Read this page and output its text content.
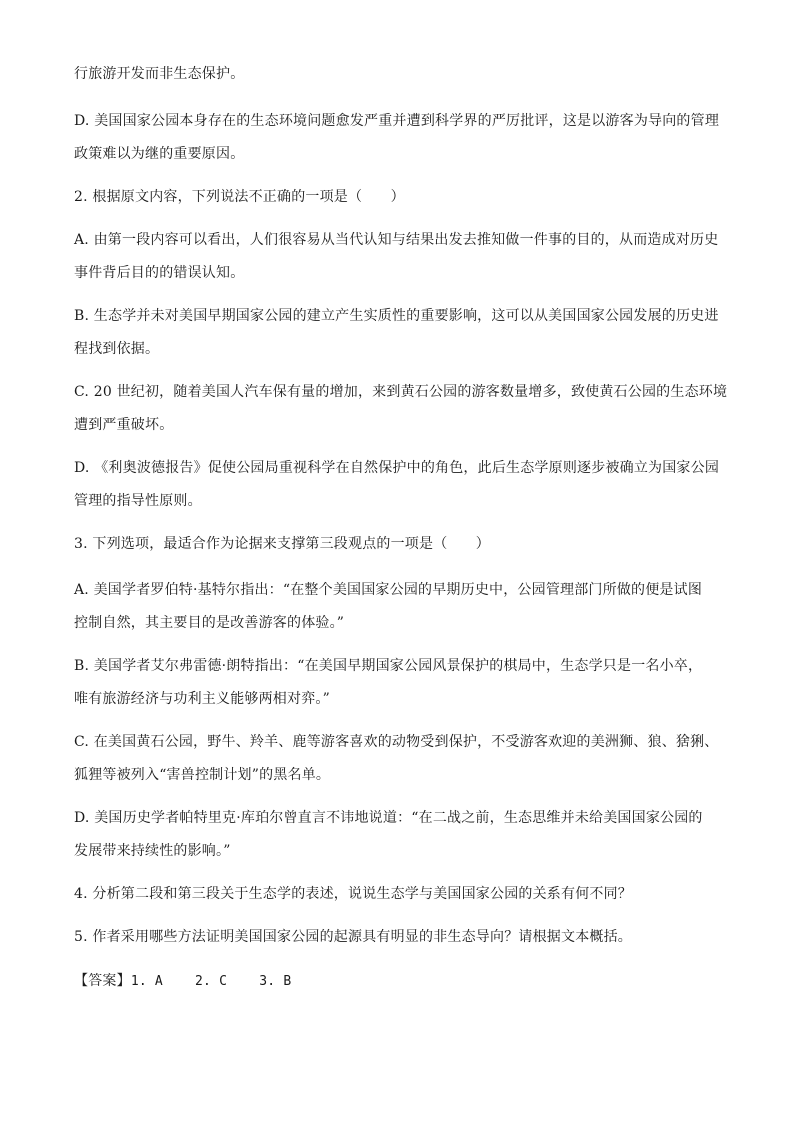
行旅游开发而非生态保护。
D. 美国国家公园本身存在的生态环境问题愈发严重并遭到科学界的严厉批评，这是以游客为导向的管理
政策难以为继的重要原因。
2. 根据原文内容，下列说法不正确的一项是（　　）
A. 由第一段内容可以看出，人们很容易从当代认知与结果出发去推知做一件事的目的，从而造成对历史
事件背后目的的错误认知。
B. 生态学并未对美国早期国家公园的建立产生实质性的重要影响，这可以从美国国家公园发展的历史进
程找到依据。
C. 20 世纪初，随着美国人汽车保有量的增加，来到黄石公园的游客数量增多，致使黄石公园的生态环境
遭到严重破坏。
D. 《利奥波德报告》促使公园局重视科学在自然保护中的角色，此后生态学原则逐步被确立为国家公园
管理的指导性原则。
3. 下列选项，最适合作为论据来支撑第三段观点的一项是（　　）
A. 美国学者罗伯特·基特尔指出：“在整个美国国家公园的早期历史中，公园管理部门所做的便是试图
控制自然，其主要目的是改善游客的体验。”
B. 美国学者艾尔弗雷德·朗特指出：“在美国早期国家公园风景保护的棋局中，生态学只是一名小卒，
唯有旅游经济与功利主义能够两相对弈。”
C. 在美国黄石公园，野牛、羚羊、鹿等游客喜欢的动物受到保护，不受游客欢迎的美洲狮、狼、猞猁、
狐狸等被列入“害兽控制计划”的黑名单。
D. 美国历史学者帕特里克·库珀尔曾直言不讳地说道：“在二战之前，生态思维并未给美国国家公园的
发展带来持续性的影响。”
4. 分析第二段和第三段关于生态学的表述，说说生态学与美国国家公园的关系有何不同？
5. 作者采用哪些方法证明美国国家公园的起源具有明显的非生态导向？请根据文本概括。
【答案】1. A    2. C    3. B
